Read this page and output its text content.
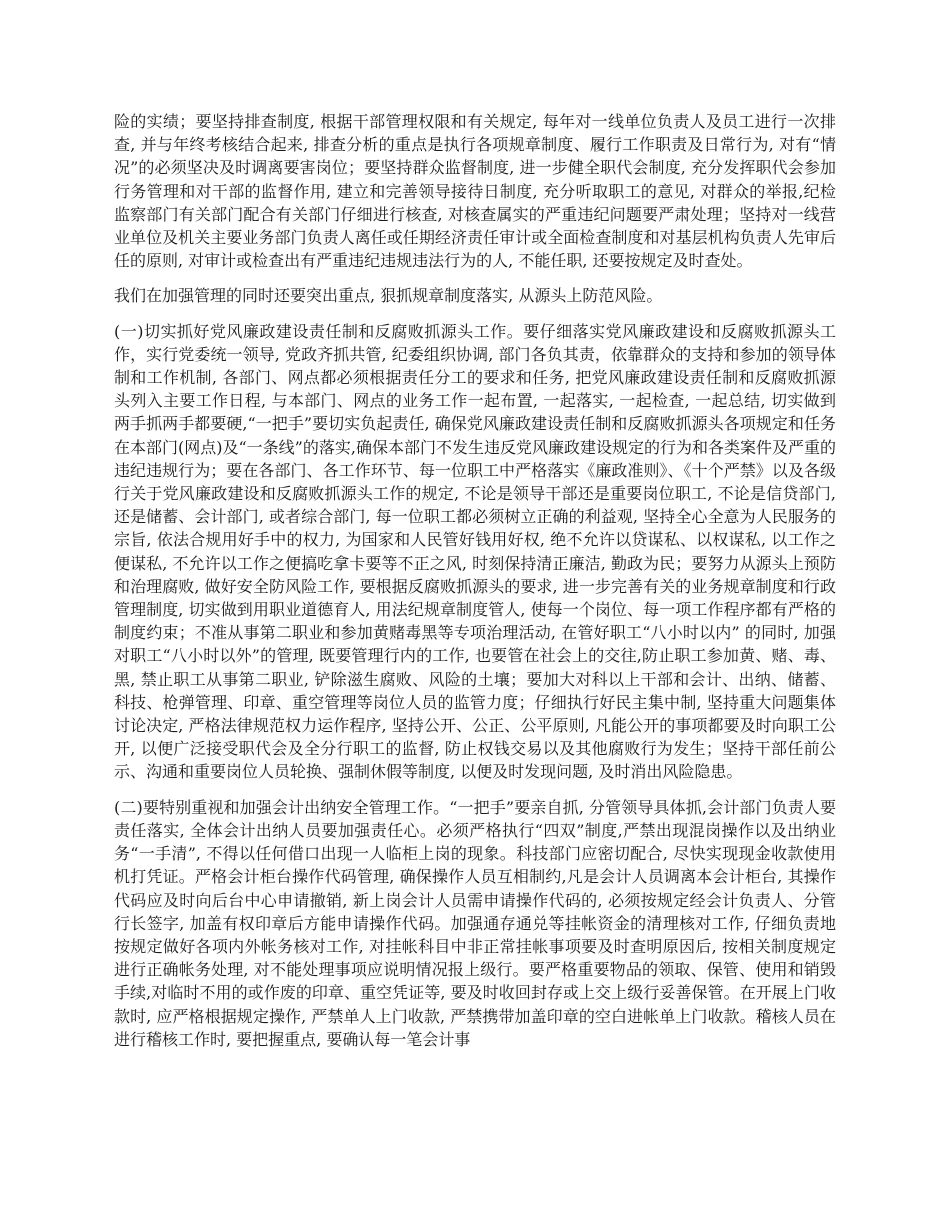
险的实绩；要坚持排查制度, 根据干部管理权限和有关规定, 每年对一线单位负责人及员工进行一次排查, 并与年终考核结合起来, 排查分析的重点是执行各项规章制度、履行工作职责及日常行为, 对有“情况”的必须坚决及时调离要害岗位；要坚持群众监督制度, 进一步健全职代会制度, 充分发挥职代会参加行务管理和对干部的监督作用, 建立和完善领导接待日制度, 充分听取职工的意见, 对群众的举报,纪检监察部门有关部门配合有关部门仔细进行核查, 对核查属实的严重违纪问题要严肃处理；坚持对一线营业单位及机关主要业务部门负责人离任或任期经济责任审计或全面检查制度和对基层机构负责人先审后任的原则, 对审计或检查出有严重违纪违规违法行为的人, 不能任职, 还要按规定及时查处。

我们在加强管理的同时还要突出重点, 狠抓规章制度落实, 从源头上防范风险。

(一)切实抓好党风廉政建设责任制和反腐败抓源头工作。要仔细落实党风廉政建设和反腐败抓源头工作，实行党委统一领导, 党政齐抓共管, 纪委组织协调, 部门各负其责，依靠群众的支持和参加的领导体制和工作机制, 各部门、网点都必须根据责任分工的要求和任务, 把党风廉政建设责任制和反腐败抓源头列入主要工作日程, 与本部门、网点的业务工作一起布置, 一起落实, 一起检查, 一起总结, 切实做到两手抓两手都要硬,“一把手”要切实负起责任, 确保党风廉政建设责任制和反腐败抓源头各项规定和任务在本部门(网点)及“一条线”的落实,确保本部门不发生违反党风廉政建设规定的行为和各类案件及严重的违纪违规行为；要在各部门、各工作环节、每一位职工中严格落实《廉政准则》、《十个严禁》以及各级行关于党风廉政建设和反腐败抓源头工作的规定, 不论是领导干部还是重要岗位职工, 不论是信贷部门, 还是储蓄、会计部门, 或者综合部门, 每一位职工都必须树立正确的利益观, 坚持全心全意为人民服务的宗旨, 依法合规用好手中的权力, 为国家和人民管好钱用好权, 绝不允许以贷谋私、以权谋私, 以工作之便谋私, 不允许以工作之便搞吃拿卡要等不正之风, 时刻保持清正廉洁, 勤政为民；要努力从源头上预防和治理腐败, 做好安全防风险工作, 要根据反腐败抓源头的要求, 进一步完善有关的业务规章制度和行政管理制度, 切实做到用职业道德育人, 用法纪规章制度管人, 使每一个岗位、每一项工作程序都有严格的制度约束；不准从事第二职业和参加黄赌毒黑等专项治理活动, 在管好职工“八小时以内” 的同时, 加强对职工“八小时以外”的管理, 既要管理行内的工作, 也要管在社会上的交往,防止职工参加黄、赌、毒、黑, 禁止职工从事第二职业, 铲除滋生腐败、风险的土壤；要加大对科以上干部和会计、出纳、储蓄、科技、枪弹管理、印章、重空管理等岗位人员的监管力度；仔细执行好民主集中制, 坚持重大问题集体讨论决定, 严格法律规范权力运作程序, 坚持公开、公正、公平原则, 凡能公开的事项都要及时向职工公开, 以便广泛接受职代会及全分行职工的监督, 防止权钱交易以及其他腐败行为发生；坚持干部任前公示、沟通和重要岗位人员轮换、强制休假等制度, 以便及时发现问题, 及时消出风险隐患。

(二)要特别重视和加强会计出纳安全管理工作。“一把手”要亲自抓, 分管领导具体抓,会计部门负责人要责任落实, 全体会计出纳人员要加强责任心。必须严格执行“四双”制度,严禁出现混岗操作以及出纳业务“一手清”, 不得以任何借口出现一人临柜上岗的现象。科技部门应密切配合, 尽快实现现金收款使用机打凭证。严格会计柜台操作代码管理, 确保操作人员互相制约,凡是会计人员调离本会计柜台, 其操作代码应及时向后台中心申请撤销, 新上岗会计人员需申请操作代码的, 必须按规定经会计负责人、分管行长签字, 加盖有权印章后方能申请操作代码。加强通存通兑等挂帐资金的清理核对工作, 仔细负责地按规定做好各项内外帐务核对工作, 对挂帐科目中非正常挂帐事项要及时查明原因后, 按相关制度规定进行正确帐务处理, 对不能处理事项应说明情况报上级行。要严格重要物品的领取、保管、使用和销毁手续,对临时不用的或作废的印章、重空凭证等, 要及时收回封存或上交上级行妥善保管。在开展上门收款时, 应严格根据规定操作, 严禁单人上门收款, 严禁携带加盖印章的空白进帐单上门收款。稽核人员在进行稽核工作时, 要把握重点, 要确认每一笔会计事
